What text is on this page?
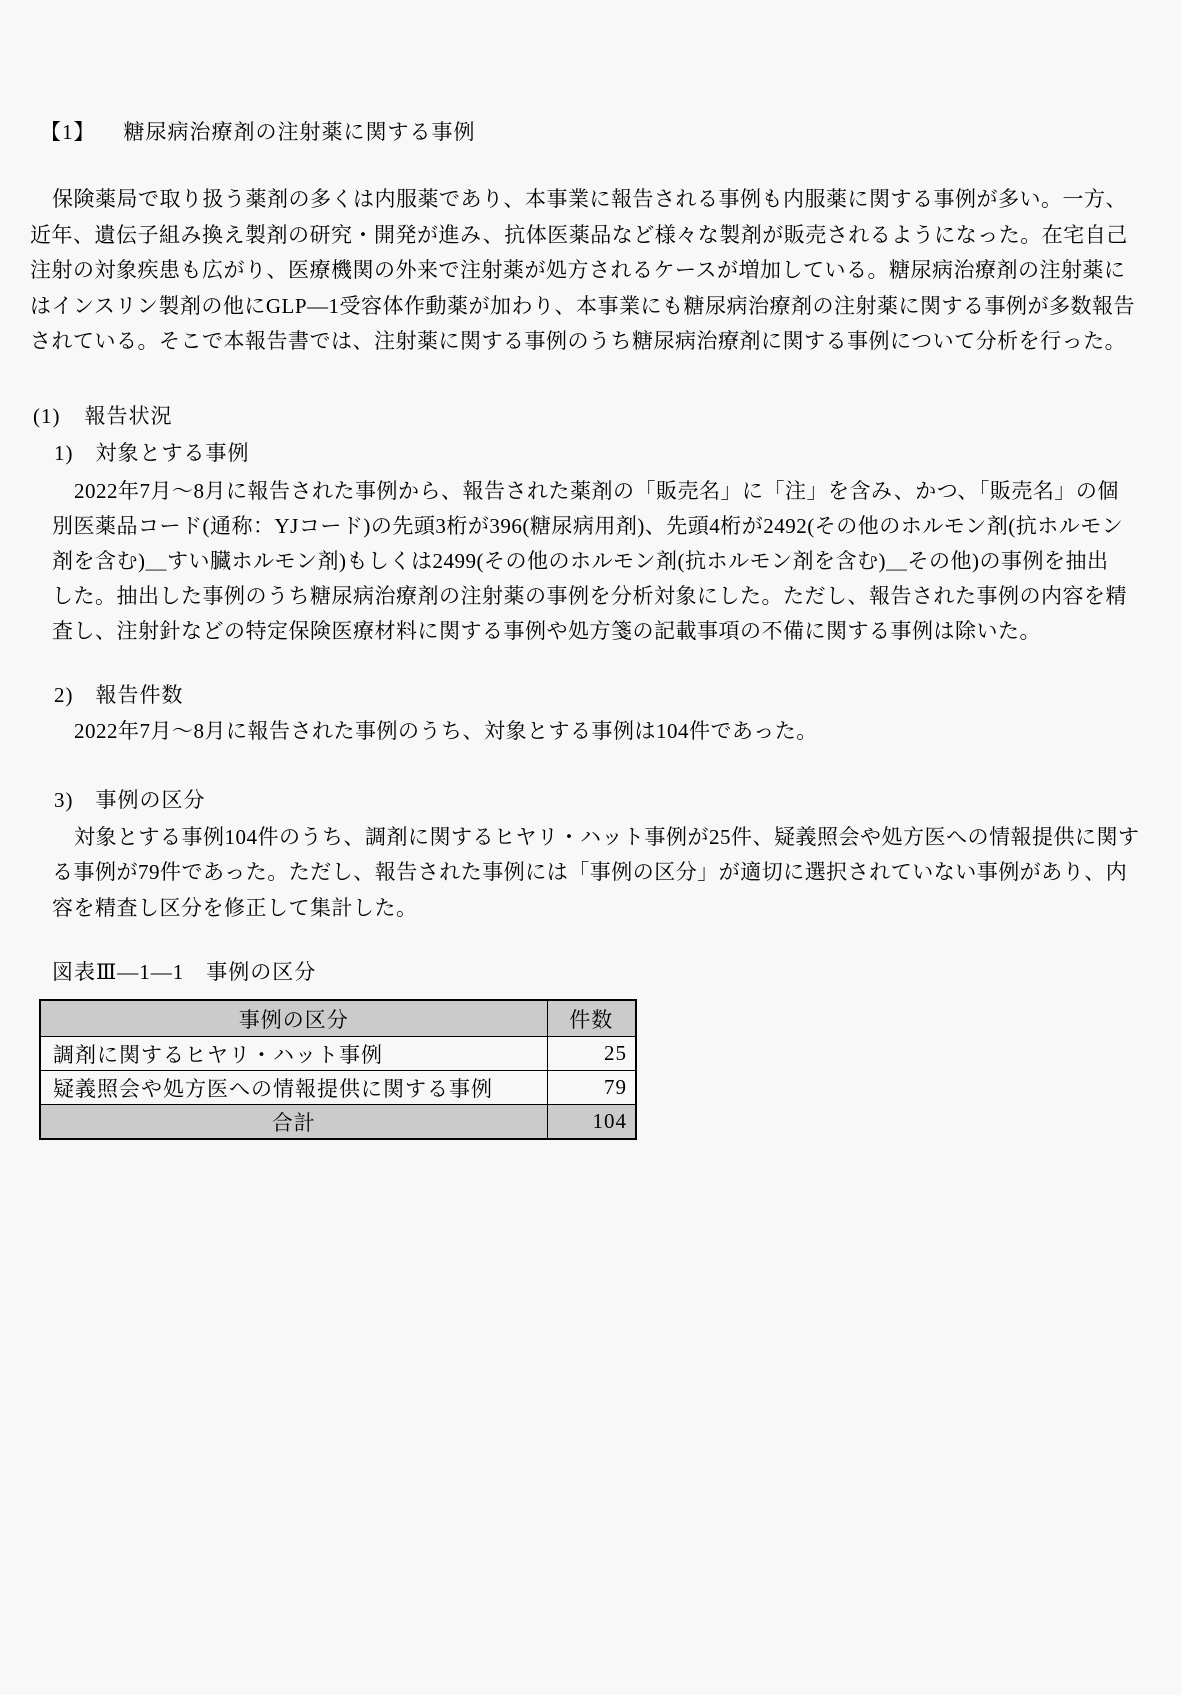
【1】 糖尿病治療剤の注射薬に関する事例
保険薬局で取り扱う薬剤の多くは内服薬であり、本事業に報告される事例も内服薬に関する事例が多い。一方、
近年、遺伝子組み換え製剤の研究・開発が進み、抗体医薬品など様々な製剤が販売されるようになった。在宅自己
注射の対象疾患も広がり、医療機関の外来で注射薬が処方されるケースが増加している。糖尿病治療剤の注射薬に
はインスリン製剤の他にGLP―1受容体作動薬が加わり、本事業にも糖尿病治療剤の注射薬に関する事例が多数報告
されている。そこで本報告書では、注射薬に関する事例のうち糖尿病治療剤に関する事例について分析を行った。
(1) 報告状況
1) 対象とする事例
2022年7月～8月に報告された事例から、報告された薬剤の「販売名」に「注」を含み、かつ、「販売名」の個
別医薬品コード(通称：YJコード)の先頭3桁が396(糖尿病用剤)、先頭4桁が2492(その他のホルモン剤(抗ホルモン
剤を含む)＿すい臓ホルモン剤)もしくは2499(その他のホルモン剤(抗ホルモン剤を含む)＿その他)の事例を抽出
した。抽出した事例のうち糖尿病治療剤の注射薬の事例を分析対象にした。ただし、報告された事例の内容を精
査し、注射針などの特定保険医療材料に関する事例や処方箋の記載事項の不備に関する事例は除いた。
2) 報告件数
2022年7月～8月に報告された事例のうち、対象とする事例は104件であった。
3) 事例の区分
対象とする事例104件のうち、調剤に関するヒヤリ・ハット事例が25件、疑義照会や処方医への情報提供に関す
る事例が79件であった。ただし、報告された事例には「事例の区分」が適切に選択されていない事例があり、内
容を精査し区分を修正して集計した。
図表Ⅲ―1―1　事例の区分
事例の区分	件数
調剤に関するヒヤリ・ハット事例	25
疑義照会や処方医への情報提供に関する事例	79
合計	104
